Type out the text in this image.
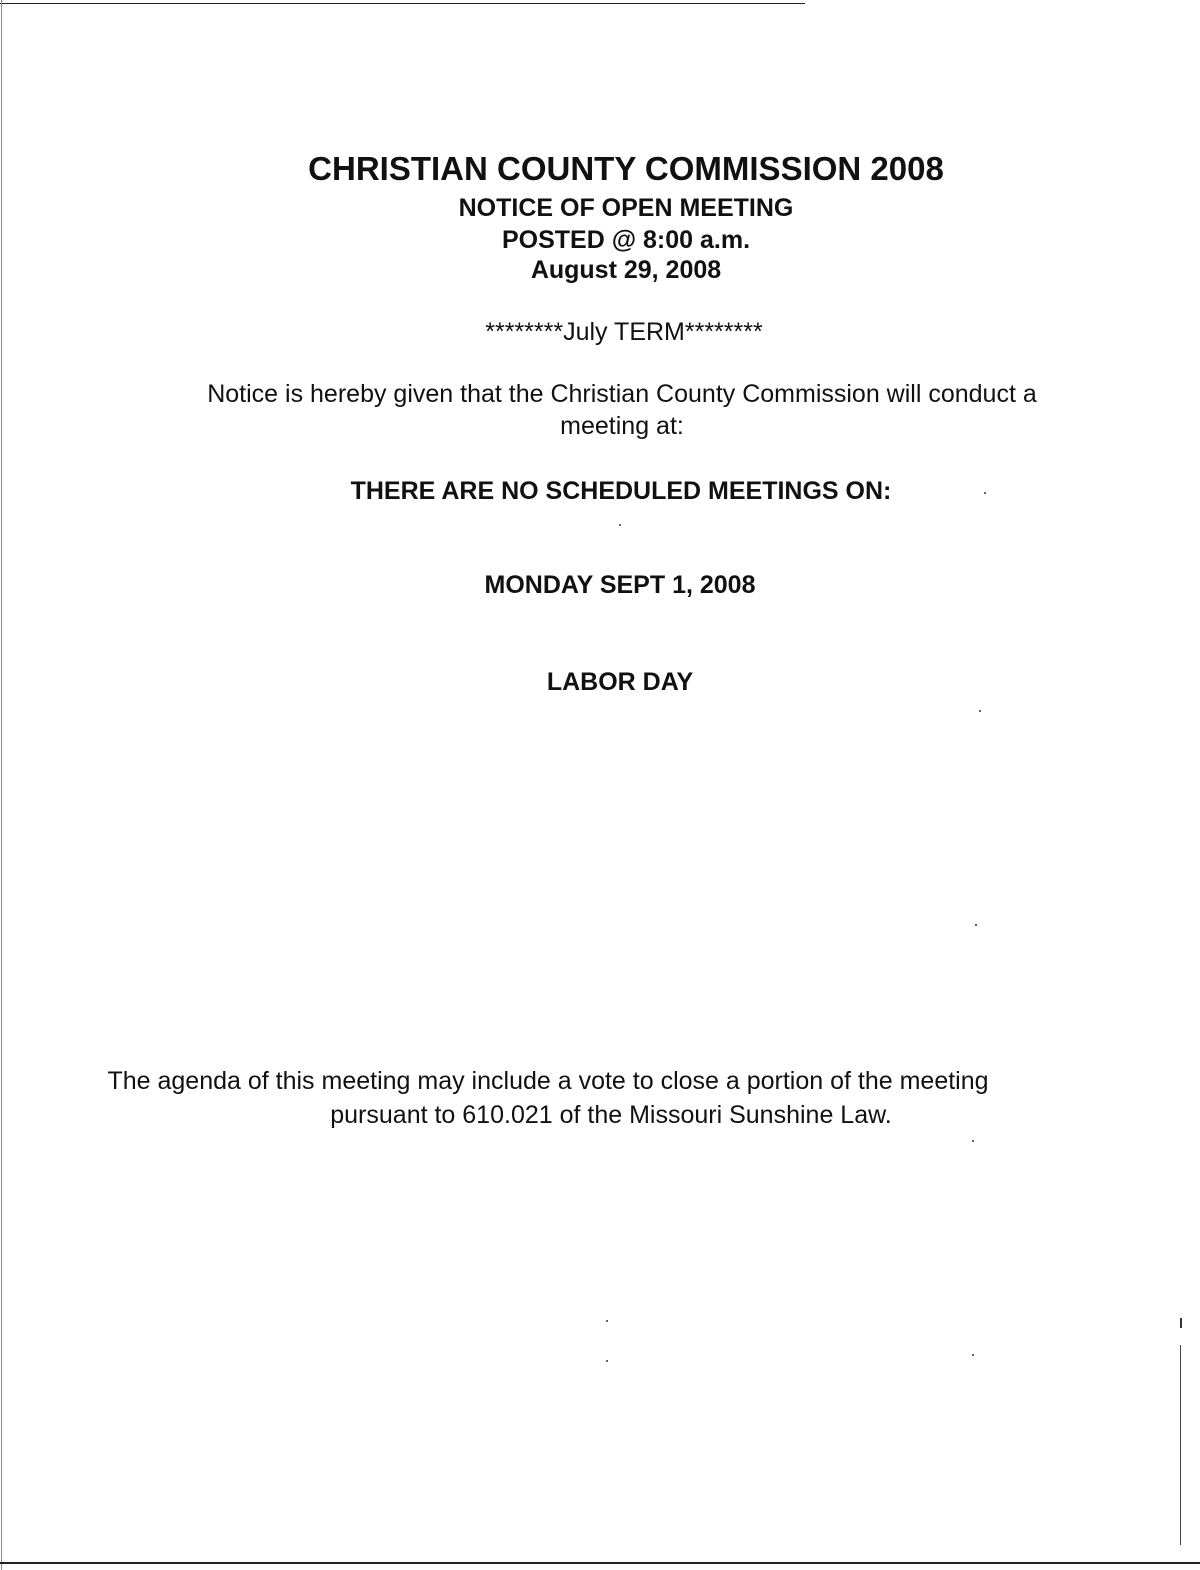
CHRISTIAN COUNTY COMMISSION 2008
NOTICE OF OPEN MEETING
POSTED @ 8:00 a.m.
August 29, 2008
********July TERM********
Notice is hereby given that the Christian County Commission will conduct a
meeting at:
THERE ARE NO SCHEDULED MEETINGS ON:
MONDAY SEPT 1, 2008
LABOR DAY
The agenda of this meeting may include a vote to close a portion of the meeting
pursuant to 610.021 of the Missouri Sunshine Law.
